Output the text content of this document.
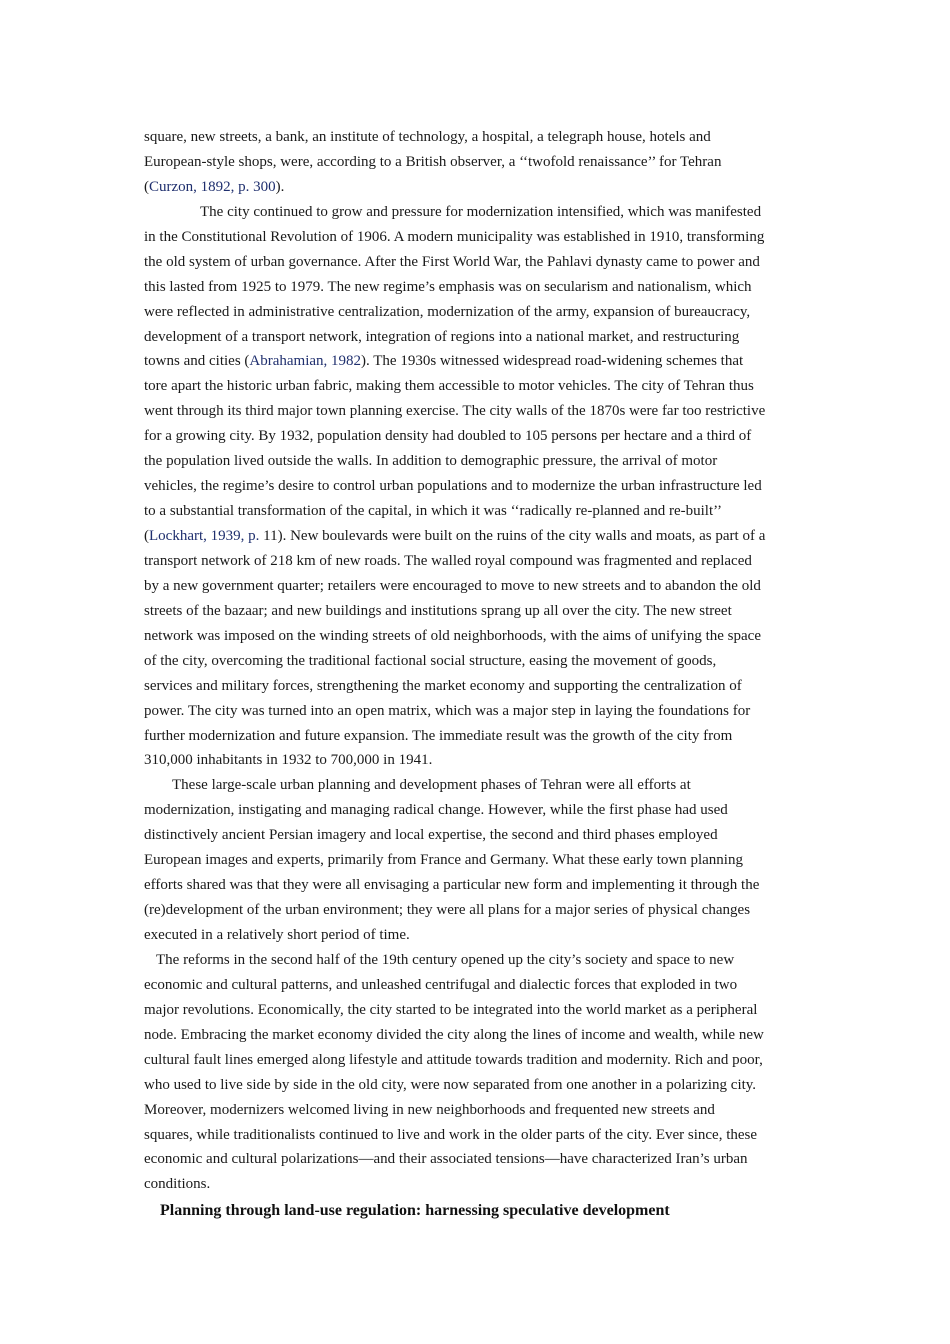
square, new streets, a bank, an institute of technology, a hospital, a telegraph house, hotels and
European-style shops, were, according to a British observer, a ‘‘twofold renaissance’’ for Tehran
(Curzon, 1892, p. 300).
The city continued to grow and pressure for modernization intensified, which was manifested
in the Constitutional Revolution of 1906. A modern municipality was established in 1910, transforming
the old system of urban governance. After the First World War, the Pahlavi dynasty came to power and
this lasted from 1925 to 1979. The new regime’s emphasis was on secularism and nationalism, which
were reflected in administrative centralization, modernization of the army, expansion of bureaucracy,
development of a transport network, integration of regions into a national market, and restructuring
towns and cities (Abrahamian, 1982). The 1930s witnessed widespread road-widening schemes that
tore apart the historic urban fabric, making them accessible to motor vehicles. The city of Tehran thus
went through its third major town planning exercise. The city walls of the 1870s were far too restrictive
for a growing city. By 1932, population density had doubled to 105 persons per hectare and a third of
the population lived outside the walls. In addition to demographic pressure, the arrival of motor
vehicles, the regime’s desire to control urban populations and to modernize the urban infrastructure led
to a substantial transformation of the capital, in which it was ‘‘radically re-planned and re-built’’
(Lockhart, 1939, p. 11). New boulevards were built on the ruins of the city walls and moats, as part of a
transport network of 218 km of new roads. The walled royal compound was fragmented and replaced
by a new government quarter; retailers were encouraged to move to new streets and to abandon the old
streets of the bazaar; and new buildings and institutions sprang up all over the city. The new street
network was imposed on the winding streets of old neighborhoods, with the aims of unifying the space
of the city, overcoming the traditional factional social structure, easing the movement of goods,
services and military forces, strengthening the market economy and supporting the centralization of
power. The city was turned into an open matrix, which was a major step in laying the foundations for
further modernization and future expansion. The immediate result was the growth of the city from
310,000 inhabitants in 1932 to 700,000 in 1941.
These large-scale urban planning and development phases of Tehran were all efforts at
modernization, instigating and managing radical change. However, while the first phase had used
distinctively ancient Persian imagery and local expertise, the second and third phases employed
European images and experts, primarily from France and Germany. What these early town planning
efforts shared was that they were all envisaging a particular new form and implementing it through the
(re)development of the urban environment; they were all plans for a major series of physical changes
executed in a relatively short period of time.
The reforms in the second half of the 19th century opened up the city’s society and space to new
economic and cultural patterns, and unleashed centrifugal and dialectic forces that exploded in two
major revolutions. Economically, the city started to be integrated into the world market as a peripheral
node. Embracing the market economy divided the city along the lines of income and wealth, while new
cultural fault lines emerged along lifestyle and attitude towards tradition and modernity. Rich and poor,
who used to live side by side in the old city, were now separated from one another in a polarizing city.
Moreover, modernizers welcomed living in new neighborhoods and frequented new streets and
squares, while traditionalists continued to live and work in the older parts of the city. Ever since, these
economic and cultural polarizations—and their associated tensions—have characterized Iran’s urban
conditions.
Planning through land-use regulation: harnessing speculative development
